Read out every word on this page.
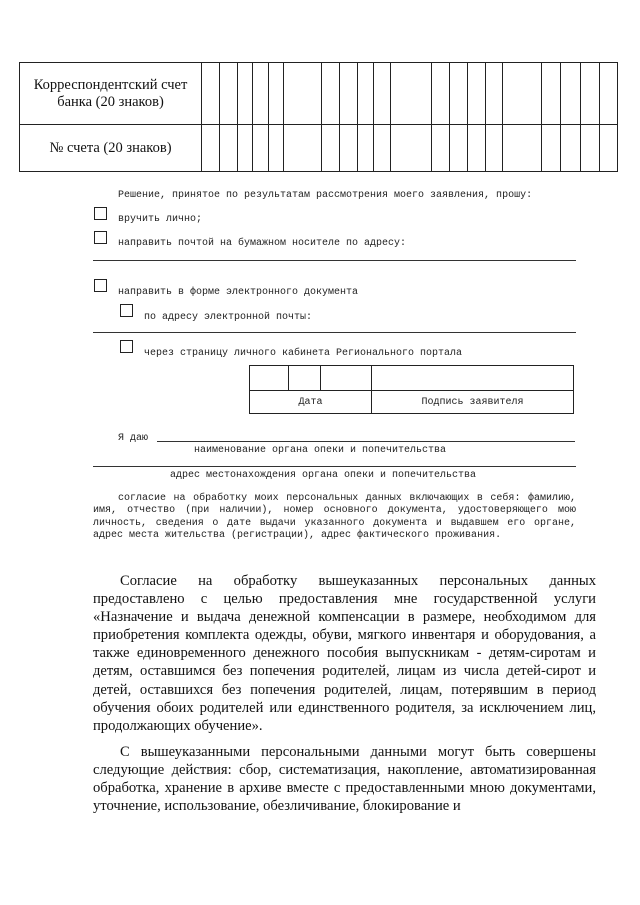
Корреспондентский счет банка (20 знаков)																				
№ счета (20 знаков)																				
Решение, принятое по результатам рассмотрения моего заявления, прошу:
вручить лично;
направить почтой на бумажном носителе по адресу:
направить в форме электронного документа
по адресу электронной почты:
через страницу личного кабинета Регионального портала

Дата			Подпись заявителя
Я даю
наименование органа опеки и попечительства
адрес местонахождения органа опеки и попечительства
согласие на обработку моих персональных данных включающих в себя: фамилию, имя, отчество (при наличии), номер основного документа, удостоверяющего мою личность, сведения о дате выдачи указанного документа и выдавшем его органе, адрес места жительства (регистрации), адрес фактического проживания.
Согласие на обработку вышеуказанных персональных данных предоставлено с целью предоставления мне государственной услуги «Назначение и выдача денежной компенсации в размере, необходимом для приобретения комплекта одежды, обуви, мягкого инвентаря и оборудования, а также единовременного денежного пособия выпускникам - детям-сиротам и детям, оставшимся без попечения родителей, лицам из числа детей-сирот и детей, оставшихся без попечения родителей, лицам, потерявшим в период обучения обоих родителей или единственного родителя, за исключением лиц, продолжающих обучение».
С вышеуказанными персональными данными могут быть совершены следующие действия: сбор, систематизация, накопление, автоматизированная обработка, хранение в архиве вместе с предоставленными мною документами, уточнение, использование, обезличивание, блокирование и
